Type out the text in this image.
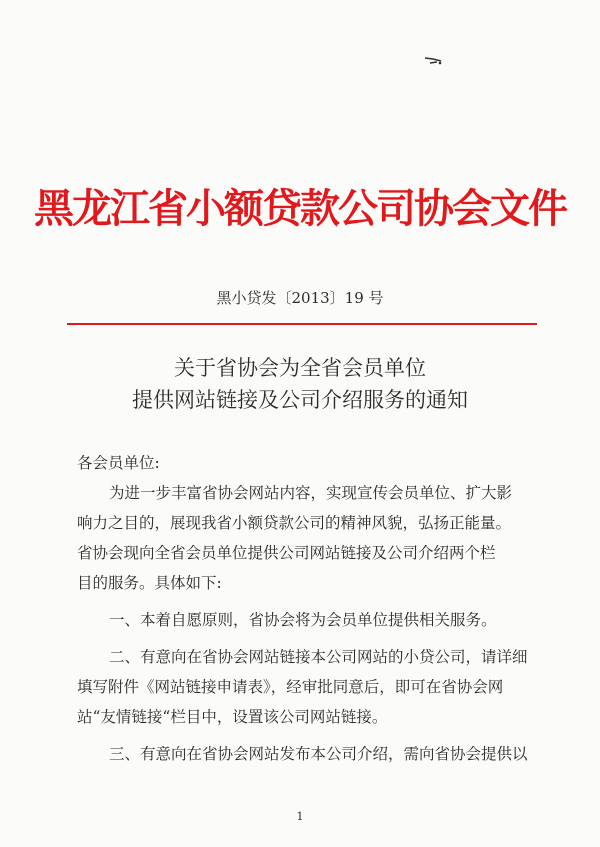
黑龙江省小额贷款公司协会文件
黑小贷发〔2013〕19 号
关于省协会为全省会员单位
提供网站链接及公司介绍服务的通知

各会员单位:

为进一步丰富省协会网站内容，实现宣传会员单位、扩大影

响力之目的，展现我省小额贷款公司的精神风貌，弘扬正能量。

省协会现向全省会员单位提供公司网站链接及公司介绍两个栏

目的服务。具体如下:

一、本着自愿原则，省协会将为会员单位提供相关服务。

二、有意向在省协会网站链接本公司网站的小贷公司，请详细

填写附件《网站链接申请表》，经审批同意后，即可在省协会网

站“友情链接“栏目中，设置该公司网站链接。

三、有意向在省协会网站发布本公司介绍，需向省协会提供以

1
